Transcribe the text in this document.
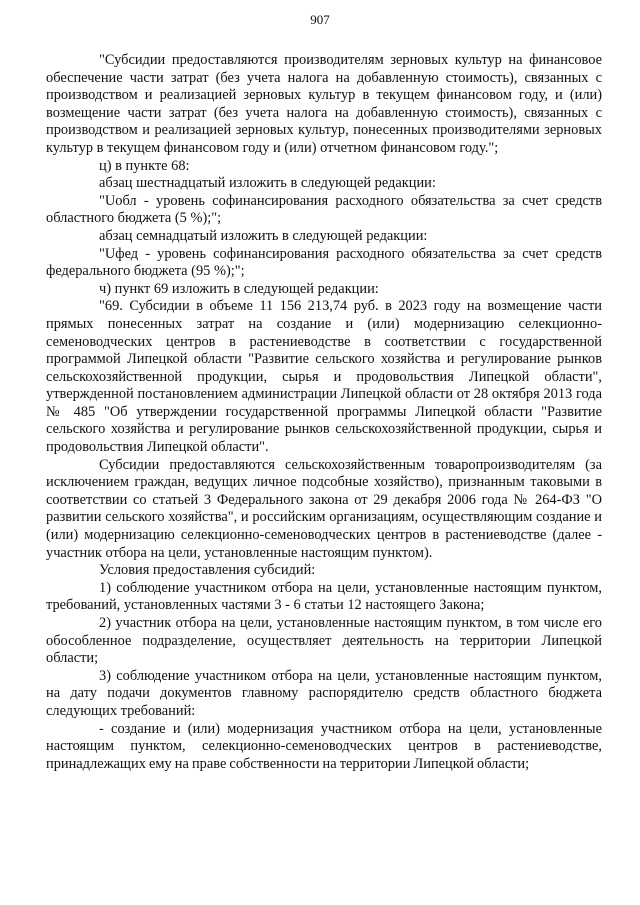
907

"Субсидии предоставляются производителям зерновых культур на финансовое обеспечение части затрат (без учета налога на добавленную стоимость), связанных с производством и реализацией зерновых культур в текущем финансовом году, и (или) возмещение части затрат (без учета налога на добавленную стоимость), связанных с производством и реализацией зерновых культур, понесенных производителями зерновых культур в текущем финансовом году и (или) отчетном финансовом году.";

ц) в пункте 68:

абзац шестнадцатый изложить в следующей редакции:

"Uобл - уровень софинансирования расходного обязательства за счет средств областного бюджета (5 %);";

абзац семнадцатый изложить в следующей редакции:

"Uфед - уровень софинансирования расходного обязательства за счет средств федерального бюджета (95 %);";

ч) пункт 69 изложить в следующей редакции:

"69. Субсидии в объеме 11 156 213,74 руб. в 2023 году на возмещение части прямых понесенных затрат на создание и (или) модернизацию селекционно-семеноводческих центров в растениеводстве в соответствии с государственной программой Липецкой области "Развитие сельского хозяйства и регулирование рынков сельскохозяйственной продукции, сырья и продовольствия Липецкой области", утвержденной постановлением администрации Липецкой области от 28 октября 2013 года № 485 "Об утверждении государственной программы Липецкой области "Развитие сельского хозяйства и регулирование рынков сельскохозяйственной продукции, сырья и продовольствия Липецкой области".

Субсидии предоставляются сельскохозяйственным товаропроизводителям (за исключением граждан, ведущих личное подсобные хозяйство), признанным таковыми в соответствии со статьей 3 Федерального закона от 29 декабря 2006 года № 264-ФЗ "О развитии сельского хозяйства", и российским организациям, осуществляющим создание и (или) модернизацию селекционно-семеноводческих центров в растениеводстве (далее - участник отбора на цели, установленные настоящим пунктом).

Условия предоставления субсидий:

1) соблюдение участником отбора на цели, установленные настоящим пунктом, требований, установленных частями 3 - 6 статьи 12 настоящего Закона;

2) участник отбора на цели, установленные настоящим пунктом, в том числе его обособленное подразделение, осуществляет деятельность на территории Липецкой области;

3) соблюдение участником отбора на цели, установленные настоящим пунктом, на дату подачи документов главному распорядителю средств областного бюджета следующих требований:

- создание и (или) модернизация участником отбора на цели, установленные настоящим пунктом, селекционно-семеноводческих центров в растениеводстве, принадлежащих ему на праве собственности на территории Липецкой области;
